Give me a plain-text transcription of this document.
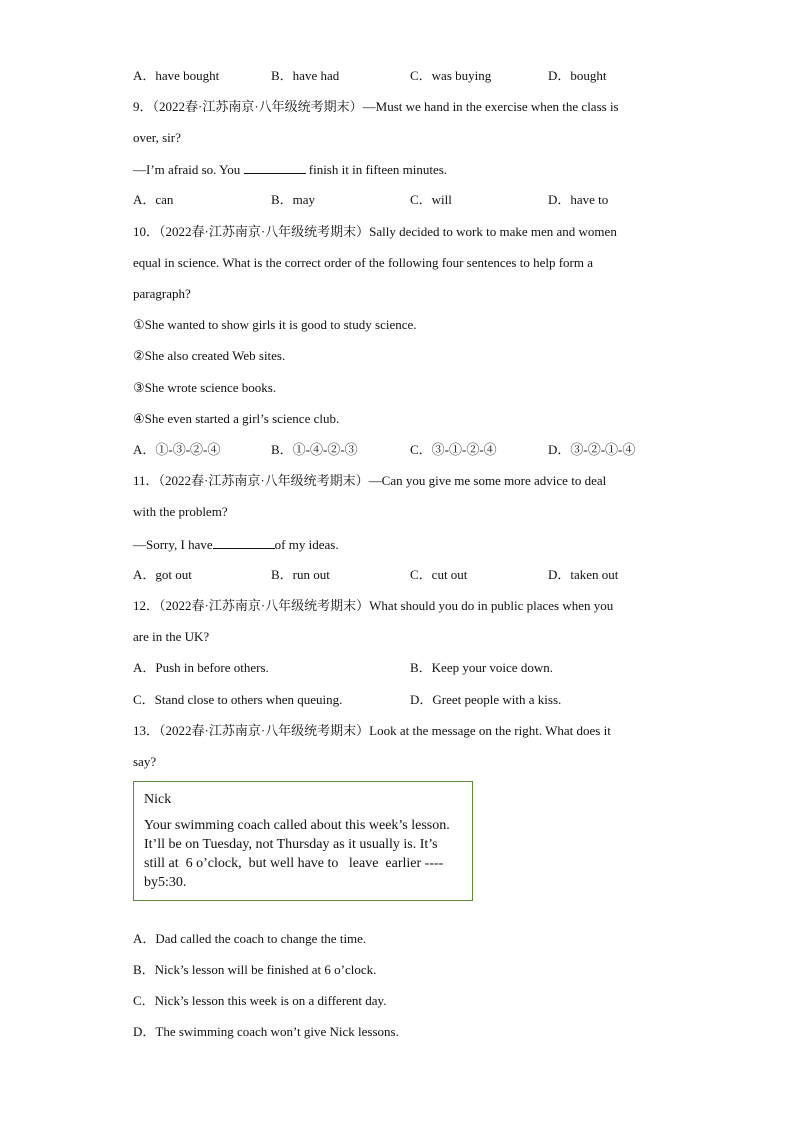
A．have bought	B．have had	C．was buying	D．bought
9．（2022春·江苏南京·八年级统考期末）—Must we hand in the exercise when the class is
over, sir?
—I’m afraid so. You	finish it in fifteen minutes.
A．can	B．may	C．will	D．have to
10．（2022春·江苏南京·八年级统考期末）Sally decided to work to make men and women
equal in science. What is the correct order of the following four sentences to help form a
paragraph?
①She wanted to show girls it is good to study science.
②She also created Web sites.
③She wrote science books.
④She even started a girl’s science club.
A．①-③-②-④	B．①-④-②-③	C．③-①-②-④	D．③-②-①-④
11．（2022春·江苏南京·八年级统考期末）—Can you give me some more advice to deal
with the problem?
—Sorry, I have	of my ideas.
A．got out	B．run out	C．cut out	D．taken out
12．（2022春·江苏南京·八年级统考期末）What should you do in public places when you
are in the UK?
A．Push in before others.	B．Keep your voice down.
C．Stand close to others when queuing.	D．Greet people with a kiss.
13．（2022春·江苏南京·八年级统考期末）Look at the message on the right. What does it
say?
Nick
Your swimming coach called about this week’s lesson.
It’ll be on Tuesday, not Thursday as it usually is. It’s
still at  6 o’clock,  but well have to   leave  earlier ----
by5:30.
A．Dad called the coach to change the time.
B．Nick’s lesson will be finished at 6 o’clock.
C．Nick’s lesson this week is on a different day.
D．The swimming coach won’t give Nick lessons.
